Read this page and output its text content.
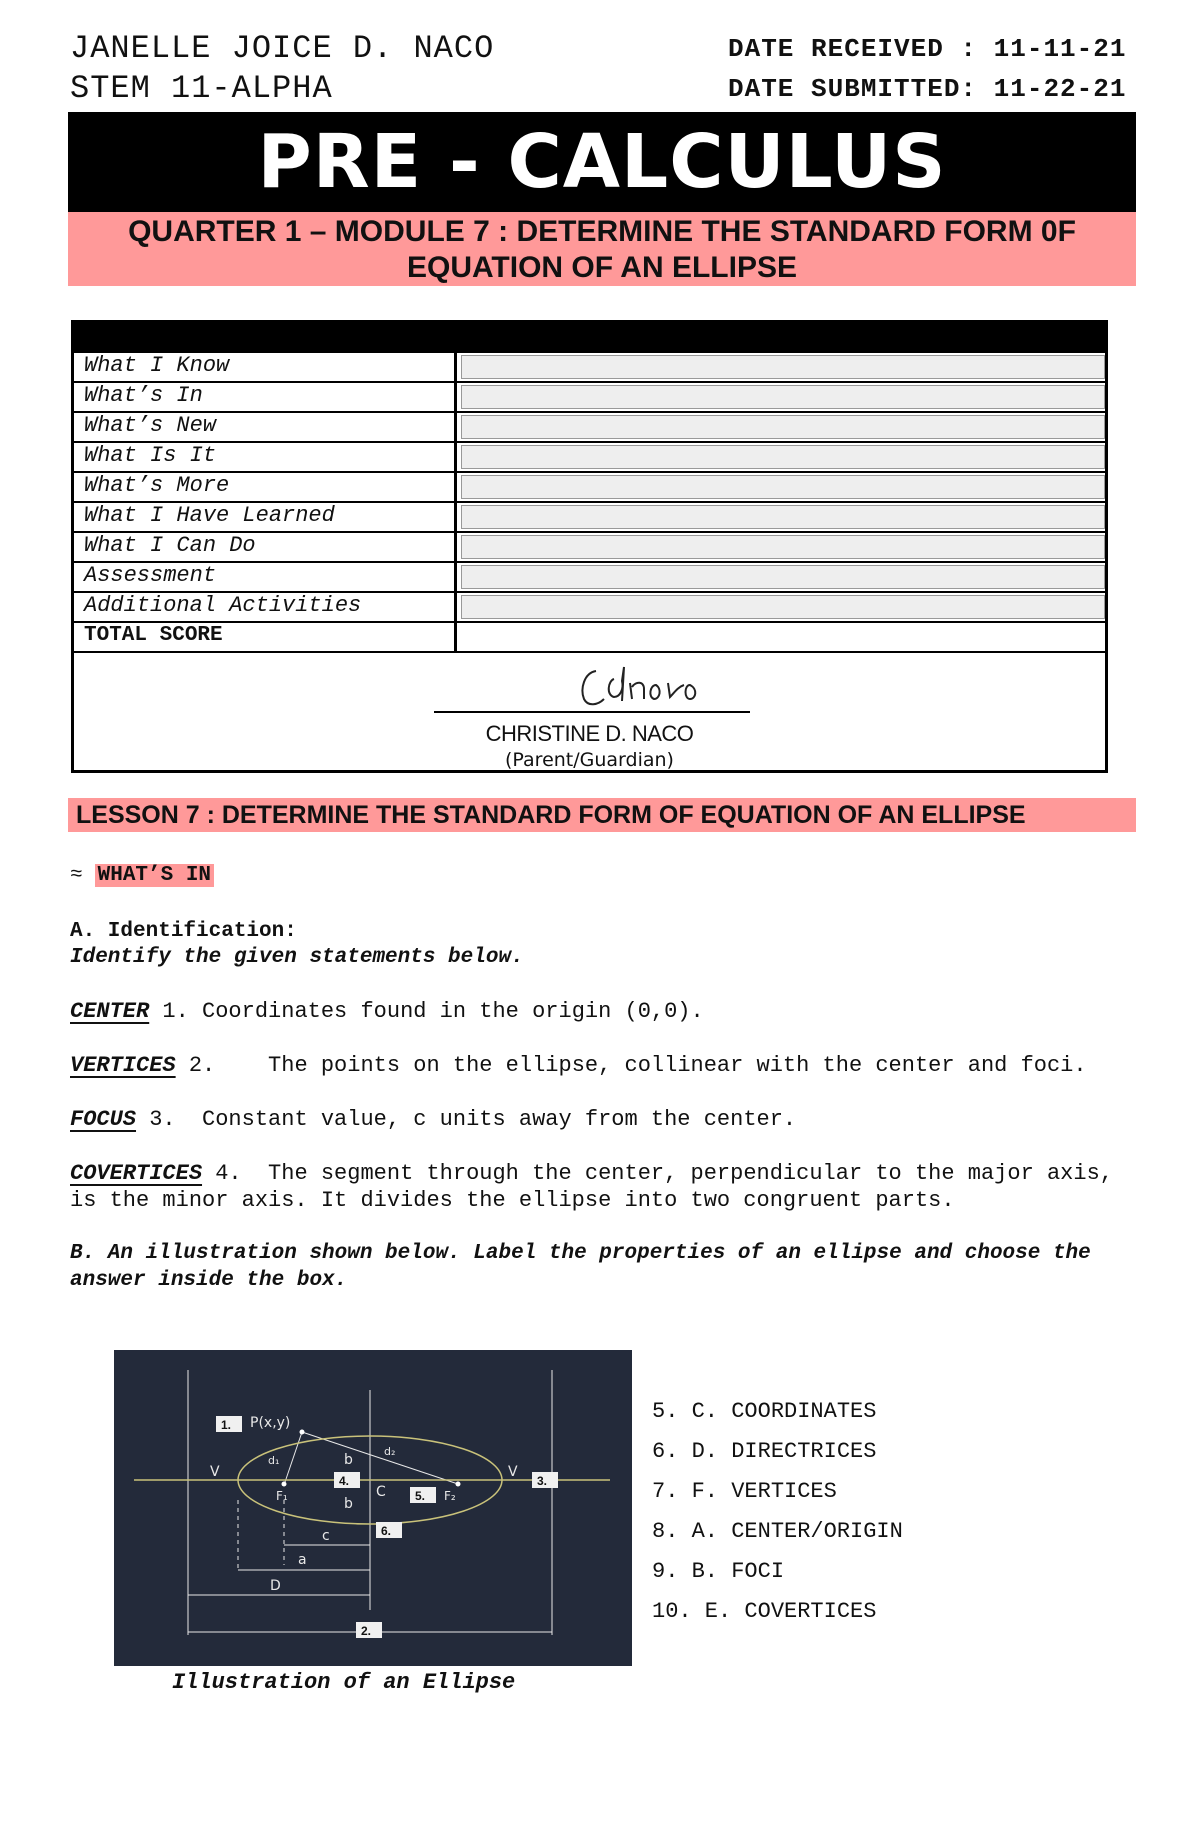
JANELLE JOICE D. NACO
STEM 11-ALPHA
DATE RECEIVED : 11-11-21
DATE SUBMITTED: 11-22-21
PRE - CALCULUS
QUARTER 1 – MODULE 7 : DETERMINE THE STANDARD FORM 0F
EQUATION OF AN ELLIPSE
What I Know
What’s In
What’s New
What Is It
What’s More
What I Have Learned
What I Can Do
Assessment
Additional Activities
TOTAL SCORE
CHRISTINE D. NACO
(Parent/Guardian)
LESSON 7 : DETERMINE THE STANDARD FORM OF EQUATION OF AN ELLIPSE
≈ WHAT’S IN
A. Identification:
Identify the given statements below.
CENTER 1. Coordinates found in the origin (0,0).
VERTICES 2. The points on the ellipse, collinear with the center and foci.
FOCUS 3. Constant value, c units away from the center.
COVERTICES 4. The segment through the center, perpendicular to the major axis, is the minor axis. It divides the ellipse into two congruent parts.
B. An illustration shown below. Label the properties of an ellipse and choose the answer inside the box.
P(x,y)
V	V
d₁
d₂
b
b
C
F₁	F₂
c
a
D
1.
2.
3.
4.
5.
6.
Illustration of an Ellipse
5. C. COORDINATES
6. D. DIRECTRICES
7. F. VERTICES
8. A. CENTER/ORIGIN
9. B. FOCI
10. E. COVERTICES
